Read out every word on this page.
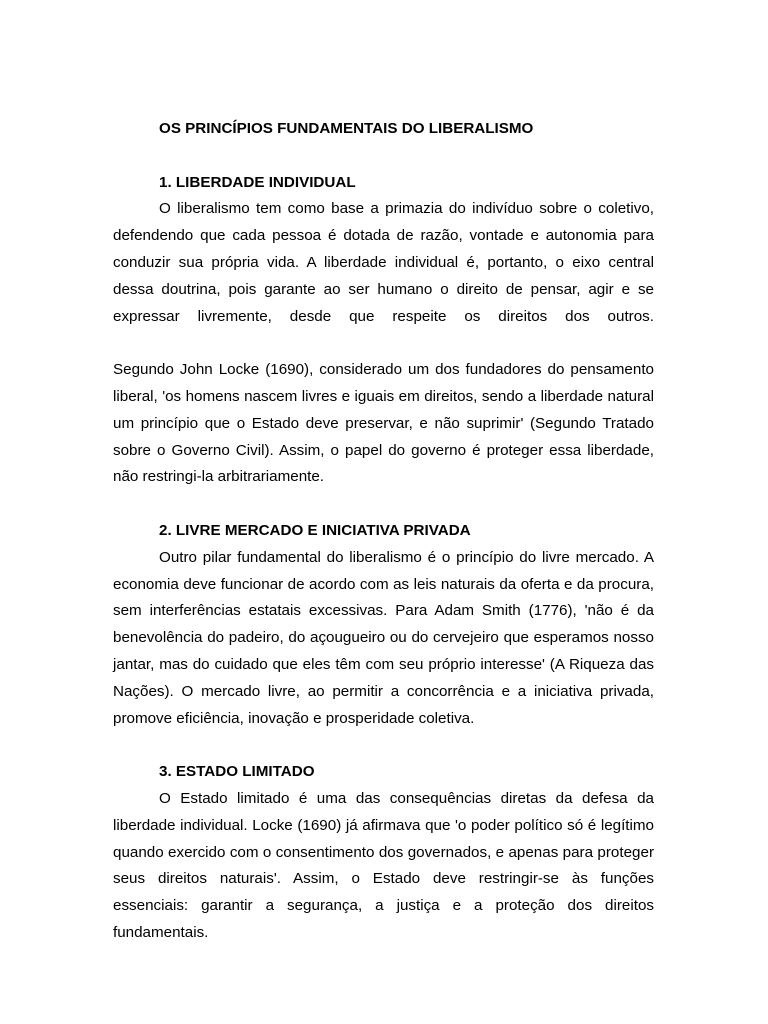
OS PRINCÍPIOS FUNDAMENTAIS DO LIBERALISMO
1. LIBERDADE INDIVIDUAL

O liberalismo tem como base a primazia do indivíduo sobre o coletivo, defendendo que cada pessoa é dotada de razão, vontade e autonomia para conduzir sua própria vida. A liberdade individual é, portanto, o eixo central dessa doutrina, pois garante ao ser humano o direito de pensar, agir e se expressar livremente, desde que respeite os direitos dos outros.

Segundo John Locke (1690), considerado um dos fundadores do pensamento liberal, 'os homens nascem livres e iguais em direitos, sendo a liberdade natural um princípio que o Estado deve preservar, e não suprimir' (Segundo Tratado sobre o Governo Civil). Assim, o papel do governo é proteger essa liberdade, não restringi-la arbitrariamente.

2. LIVRE MERCADO E INICIATIVA PRIVADA

Outro pilar fundamental do liberalismo é o princípio do livre mercado. A economia deve funcionar de acordo com as leis naturais da oferta e da procura, sem interferências estatais excessivas. Para Adam Smith (1776), 'não é da benevolência do padeiro, do açougueiro ou do cervejeiro que esperamos nosso jantar, mas do cuidado que eles têm com seu próprio interesse' (A Riqueza das Nações). O mercado livre, ao permitir a concorrência e a iniciativa privada, promove eficiência, inovação e prosperidade coletiva.

3. ESTADO LIMITADO

O Estado limitado é uma das consequências diretas da defesa da liberdade individual. Locke (1690) já afirmava que 'o poder político só é legítimo quando exercido com o consentimento dos governados, e apenas para proteger seus direitos naturais'. Assim, o Estado deve restringir-se às funções essenciais: garantir a segurança, a justiça e a proteção dos direitos fundamentais.
